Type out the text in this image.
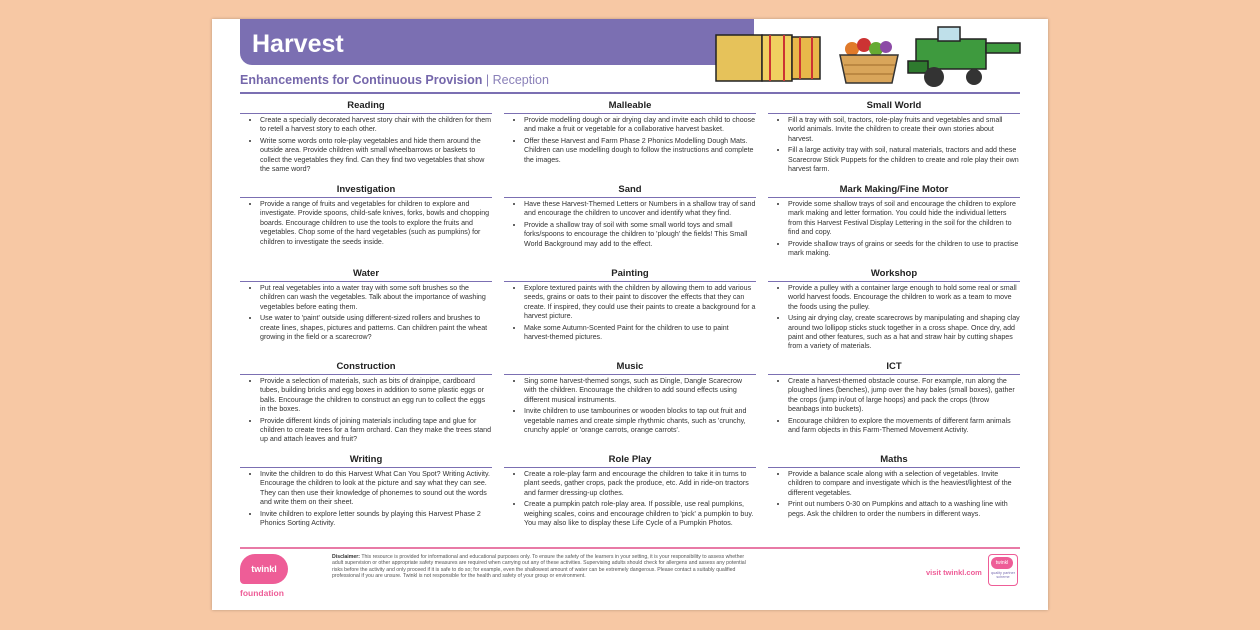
Harvest
Enhancements for Continuous Provision | Reception
Reading
• Create a specially decorated harvest story chair with the children for them to retell a harvest story to each other.
• Write some words onto role-play vegetables and hide them around the outside area. Provide children with small wheelbarrows or baskets to collect the vegetables they find. Can they find two vegetables that show the same word?
Malleable
• Provide modelling dough or air drying clay and invite each child to choose and make a fruit or vegetable for a collaborative harvest basket.
• Offer these Harvest and Farm Phase 2 Phonics Modelling Dough Mats. Children can use modelling dough to follow the instructions and complete the images.
Small World
• Fill a tray with soil, tractors, role-play fruits and vegetables and small world animals. Invite the children to create their own stories about harvest.
• Fill a large activity tray with soil, natural materials, tractors and add these Scarecrow Stick Puppets for the children to create and role play their own harvest farm.
Investigation
• Provide a range of fruits and vegetables for children to explore and investigate. Provide spoons, child-safe knives, forks, bowls and chopping boards. Encourage children to use the tools to explore the fruits and vegetables. Chop some of the hard vegetables (such as pumpkins) for children to investigate the seeds inside.
Sand
• Have these Harvest-Themed Letters or Numbers in a shallow tray of sand and encourage the children to uncover and identify what they find.
• Provide a shallow tray of soil with some small world toys and small forks/spoons to encourage the children to 'plough' the fields! This Small World Background may add to the effect.
Mark Making/Fine Motor
• Provide some shallow trays of soil and encourage the children to explore mark making and letter formation. You could hide the individual letters from this Harvest Festival Display Lettering in the soil for the children to find and copy.
• Provide shallow trays of grains or seeds for the children to use to practise mark making.
Water
• Put real vegetables into a water tray with some soft brushes so the children can wash the vegetables. Talk about the importance of washing vegetables before eating them.
• Use water to 'paint' outside using different-sized rollers and brushes to create lines, shapes, pictures and patterns. Can children paint the wheat growing in the field or a scarecrow?
Painting
• Explore textured paints with the children by allowing them to add various seeds, grains or oats to their paint to discover the effects that they can create. If inspired, they could use their paints to create a background for a harvest picture.
• Make some Autumn-Scented Paint for the children to use to paint harvest-themed pictures.
Workshop
• Provide a pulley with a container large enough to hold some real or small world harvest foods. Encourage the children to work as a team to move the foods using the pulley.
• Using air drying clay, create scarecrows by manipulating and shaping clay around two lollipop sticks stuck together in a cross shape. Once dry, add paint and other features, such as a hat and straw hair by cutting shapes from a variety of materials.
Construction
• Provide a selection of materials, such as bits of drainpipe, cardboard tubes, building bricks and egg boxes in addition to some plastic eggs or balls. Encourage the children to construct an egg run to collect the eggs in the boxes.
• Provide different kinds of joining materials including tape and glue for children to create trees for a farm orchard. Can they make the trees stand up and attach leaves and fruit?
Music
• Sing some harvest-themed songs, such as Dingle, Dangle Scarecrow with the children. Encourage the children to add sound effects using different musical instruments.
• Invite children to use tambourines or wooden blocks to tap out fruit and vegetable names and create simple rhythmic chants, such as 'crunchy, crunchy apple' or 'orange carrots, orange carrots'.
ICT
• Create a harvest-themed obstacle course. For example, run along the ploughed lines (benches), jump over the hay bales (small boxes), gather the crops (jump in/out of large hoops) and pack the crops (throw beanbags into buckets).
• Encourage children to explore the movements of different farm animals and farm objects in this Farm-Themed Movement Activity.
Writing
• Invite the children to do this Harvest What Can You Spot? Writing Activity. Encourage the children to look at the picture and say what they can see. They can then use their knowledge of phonemes to sound out the words and write them on their sheet.
• Invite children to explore letter sounds by playing this Harvest Phase 2 Phonics Sorting Activity.
Role Play
• Create a role-play farm and encourage the children to take it in turns to plant seeds, gather crops, pack the produce, etc. Add in ride-on tractors and farmer dressing-up clothes.
• Create a pumpkin patch role-play area. If possible, use real pumpkins, weighing scales, coins and encourage children to 'pick' a pumpkin to buy. You may also like to display these Life Cycle of a Pumpkin Photos.
Maths
• Provide a balance scale along with a selection of vegetables. Invite children to compare and investigate which is the heaviest/lightest of the different vegetables.
• Print out numbers 0-30 on Pumpkins and attach to a washing line with pegs. Ask the children to order the numbers in different ways.
twinkl
foundation
Disclaimer: This resource is provided for informational and educational purposes only. To ensure the safety of the learners in your setting, it is your responsibility to assess whether adult supervision or other appropriate safety measures are required when carrying out any of these activities. Supervising adults should check for allergens and assess any potential risks before the activity and only proceed if it is safe to do so; for example, even the shallowest amount of water can be extremely dangerous. Please contact a suitably qualified professional if you are unsure. Twinkl is not responsible for the health and safety of your group or environment.	visit twinkl.com
twinkl
quality partner scheme
